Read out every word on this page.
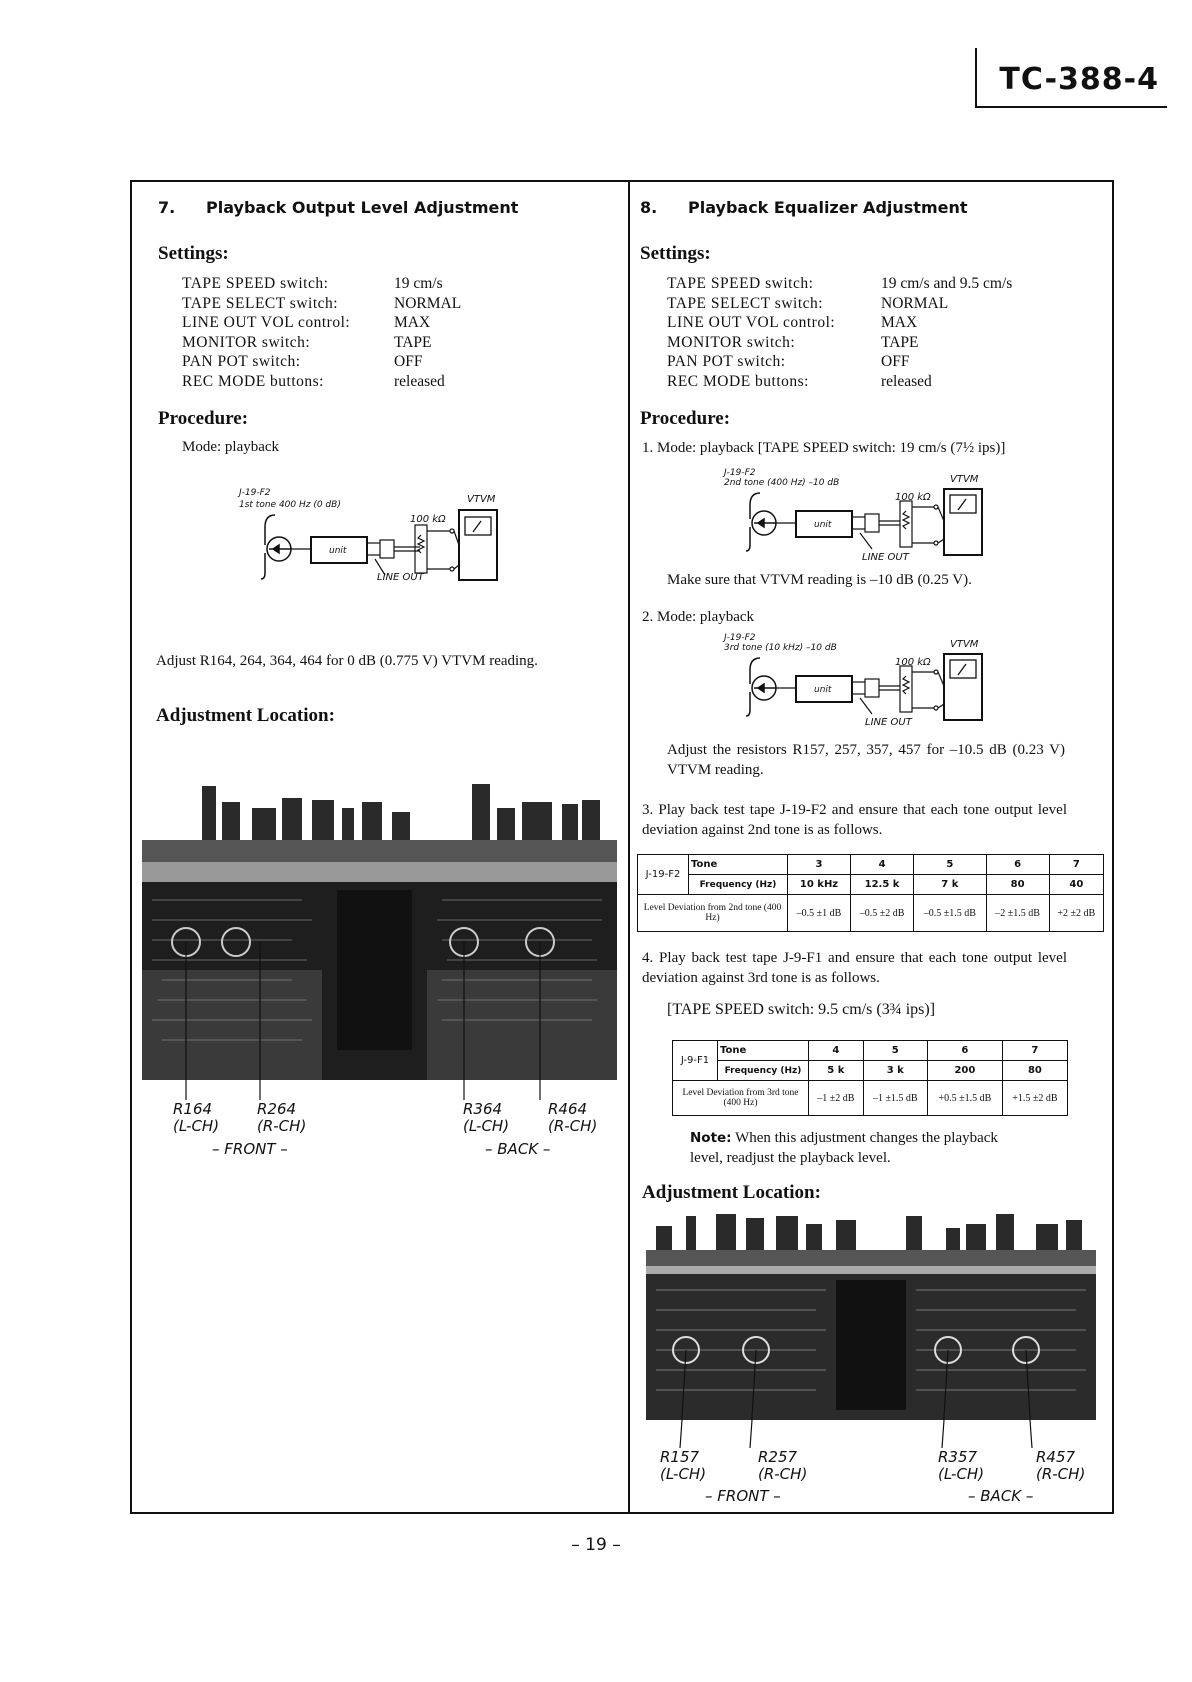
TC-388-4
7. Playback Output Level Adjustment
Settings:
TAPE SPEED switch:	19 cm/s
TAPE SELECT switch:	NORMAL
LINE OUT VOL control:	MAX
MONITOR switch:	TAPE
PAN POT switch:	OFF
REC MODE buttons:	released
Procedure:
Mode: playback
J-19-F2
1st tone 400 Hz (0 dB)	VTVM
100 kΩ
LINE OUT
unit
Adjust R164, 264, 364, 464 for 0 dB (0.775 V) VTVM reading.
Adjustment Location:
R164
(L-CH)
R264
(R-CH)
R364
(L-CH)
R464
(R-CH)
– FRONT –	– BACK –
8. Playback Equalizer Adjustment
Settings:
TAPE SPEED switch:	19 cm/s and 9.5 cm/s
TAPE SELECT switch:	NORMAL
LINE OUT VOL control:	MAX
MONITOR switch:	TAPE
PAN POT switch:	OFF
REC MODE buttons:	released
Procedure:
1. Mode: playback [TAPE SPEED switch: 19 cm/s (7½ ips)]
J-19-F2
2nd tone (400 Hz) –10 dB	VTVM
100 kΩ
LINE OUT
unit
Make sure that VTVM reading is –10 dB (0.25 V).
2. Mode: playback
J-19-F2
3rd tone (10 kHz) –10 dB	VTVM
100 kΩ
LINE OUT
unit
Adjust the resistors R157, 257, 357, 457 for –10.5 dB (0.23 V) VTVM reading.
3. Play back test tape J-19-F2 and ensure that each tone output level deviation against 2nd tone is as follows.
J-19-F2	Tone	3	4	5	6	7
	Frequency (Hz)	10 kHz	12.5 k	7 k	80	40
Level Deviation from 2nd tone (400 Hz)		–0.5 ±1 dB	–0.5 ±2 dB	–0.5 ±1.5 dB	–2 ±1.5 dB	+2 ±2 dB
4. Play back test tape J-9-F1 and ensure that each tone output level deviation against 3rd tone is as follows.
[TAPE SPEED switch: 9.5 cm/s (3¾ ips)]
J-9-F1	Tone	4	5	6	7
	Frequency (Hz)	5 k	3 k	200	80
Level Deviation from 3rd tone (400 Hz)		–1 ±2 dB	–1 ±1.5 dB	+0.5 ±1.5 dB	+1.5 ±2 dB
Note: When this adjustment changes the playback level, readjust the playback level.
Adjustment Location:
R157
(L-CH)
R257
(R-CH)
R357
(L-CH)
R457
(R-CH)
– FRONT –	– BACK –
– 19 –
